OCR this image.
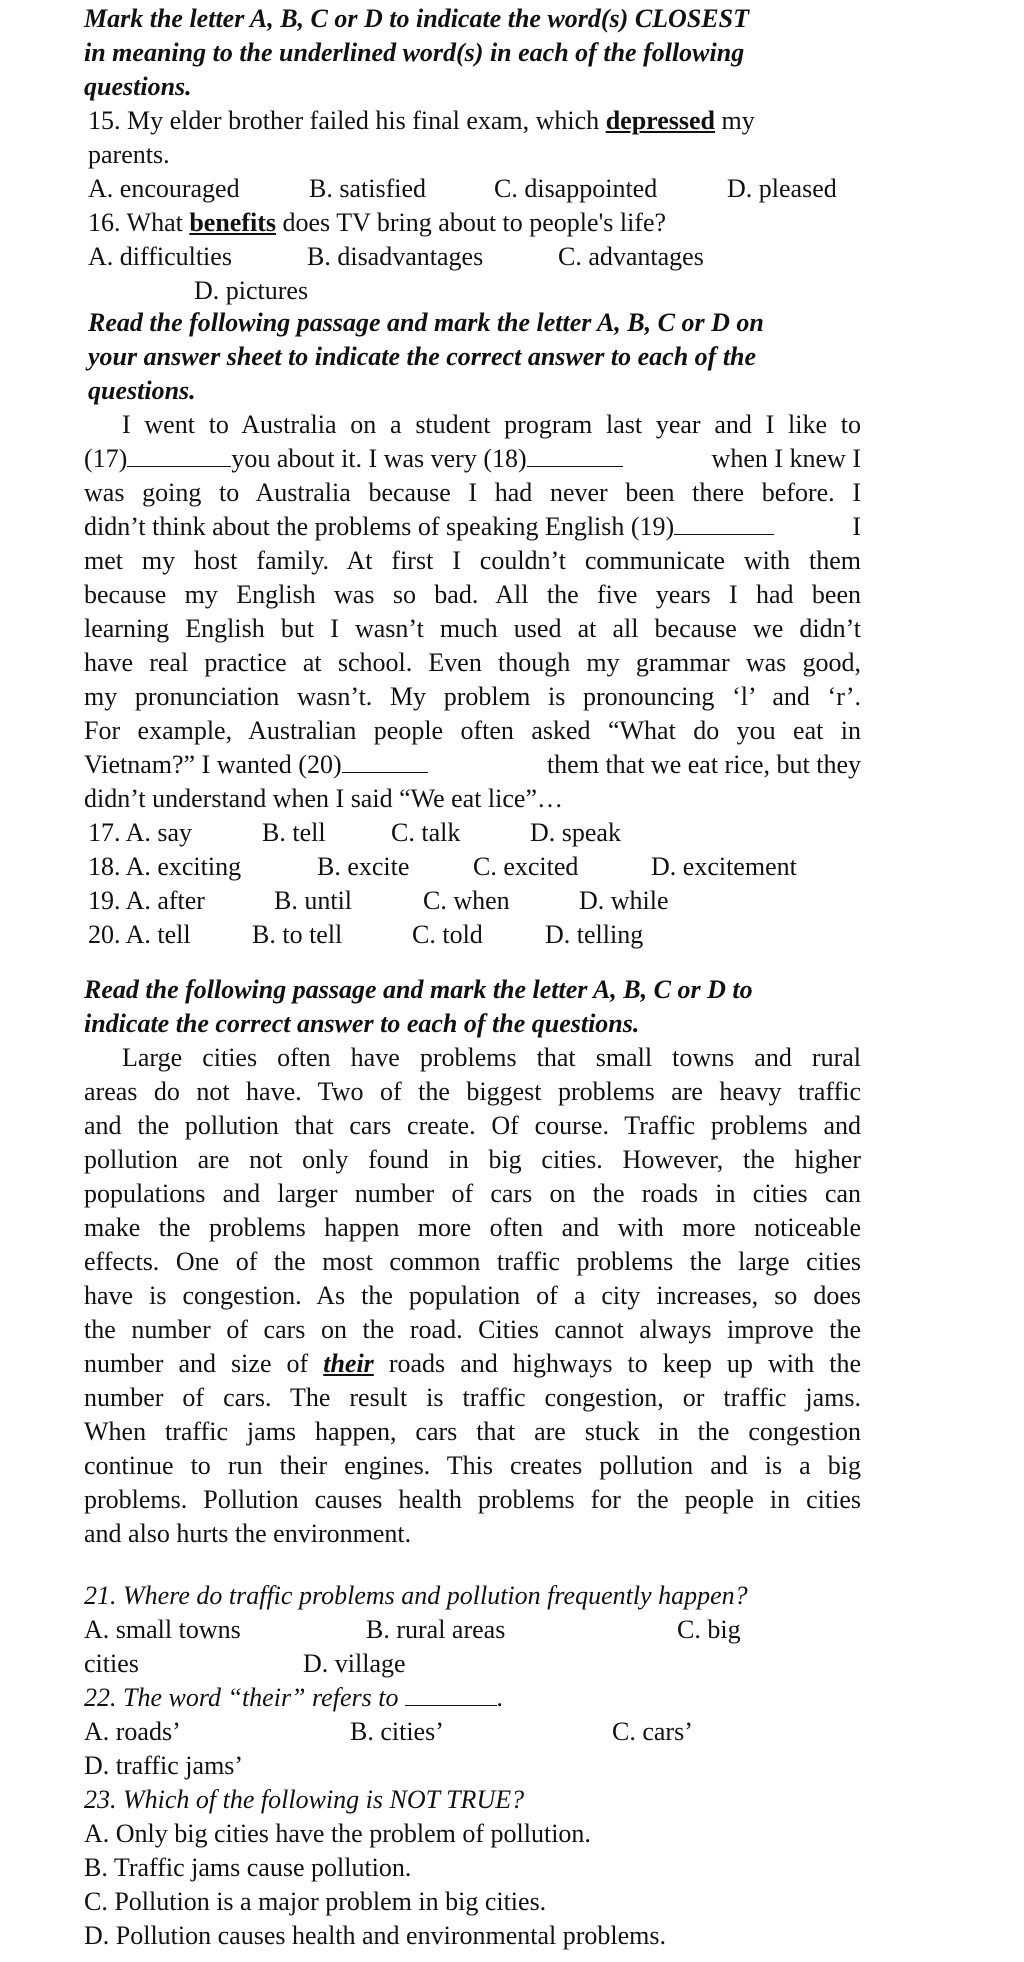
Mark the letter A, B, C or D to indicate the word(s) CLOSEST
in meaning to the underlined word(s) in each of the following
questions.
15. My elder brother failed his final exam, which depressed my
parents.
A. encouraged	B. satisfied	C. disappointed	D. pleased
16. What benefits does TV bring about to people's life?
A. difficulties	B. disadvantages	C. advantages
D. pictures
Read the following passage and mark the letter A, B, C or D on
your answer sheet to indicate the correct answer to each of the
questions.
I went to Australia on a student program last year and I like to
(17)	you about it. I was very (18)	when I knew I
was going to Australia because I had never been there before. I
didn’t think about the problems of speaking English (19)	I
met my host family. At first I couldn’t communicate with them
because my English was so bad. All the five years I had been
learning English but I wasn’t much used at all because we didn’t
have real practice at school. Even though my grammar was good,
my pronunciation wasn’t. My problem is pronouncing ‘l’ and ‘r’.
For example, Australian people often asked “What do you eat in
Vietnam?” I wanted (20)	them that we eat rice, but they
didn’t understand when I said “We eat lice”…
17. A. say	B. tell	C. talk	D. speak
18. A. exciting	B. excite C. excited	D. excitement
19. A. after	B. until	C. when	D. while
20. A. tell B. to tell	C. told D. telling
Read the following passage and mark the letter A, B, C or D to
indicate the correct answer to each of the questions.
Large cities often have problems that small towns and rural
areas do not have. Two of the biggest problems are heavy traffic
and the pollution that cars create. Of course. Traffic problems and
pollution are not only found in big cities. However, the higher
populations and larger number of cars on the roads in cities can
make the problems happen more often and with more noticeable
effects. One of the most common traffic problems the large cities
have is congestion. As the population of a city increases, so does
the number of cars on the road. Cities cannot always improve the
number and size of their roads and highways to keep up with the
number of cars. The result is traffic congestion, or traffic jams.
When traffic jams happen, cars that are stuck in the congestion
continue to run their engines. This creates pollution and is a big
problems. Pollution causes health problems for the people in cities
and also hurts the environment.
21. Where do traffic problems and pollution frequently happen?
A. small towns	B. rural areas	C. big
cities	D. village
22. The word “their” refers to	.
A. roads’	B. cities’	C. cars’
D. traffic jams’
23. Which of the following is NOT TRUE?
A. Only big cities have the problem of pollution.
B. Traffic jams cause pollution.
C. Pollution is a major problem in big cities.
D. Pollution causes health and environmental problems.
